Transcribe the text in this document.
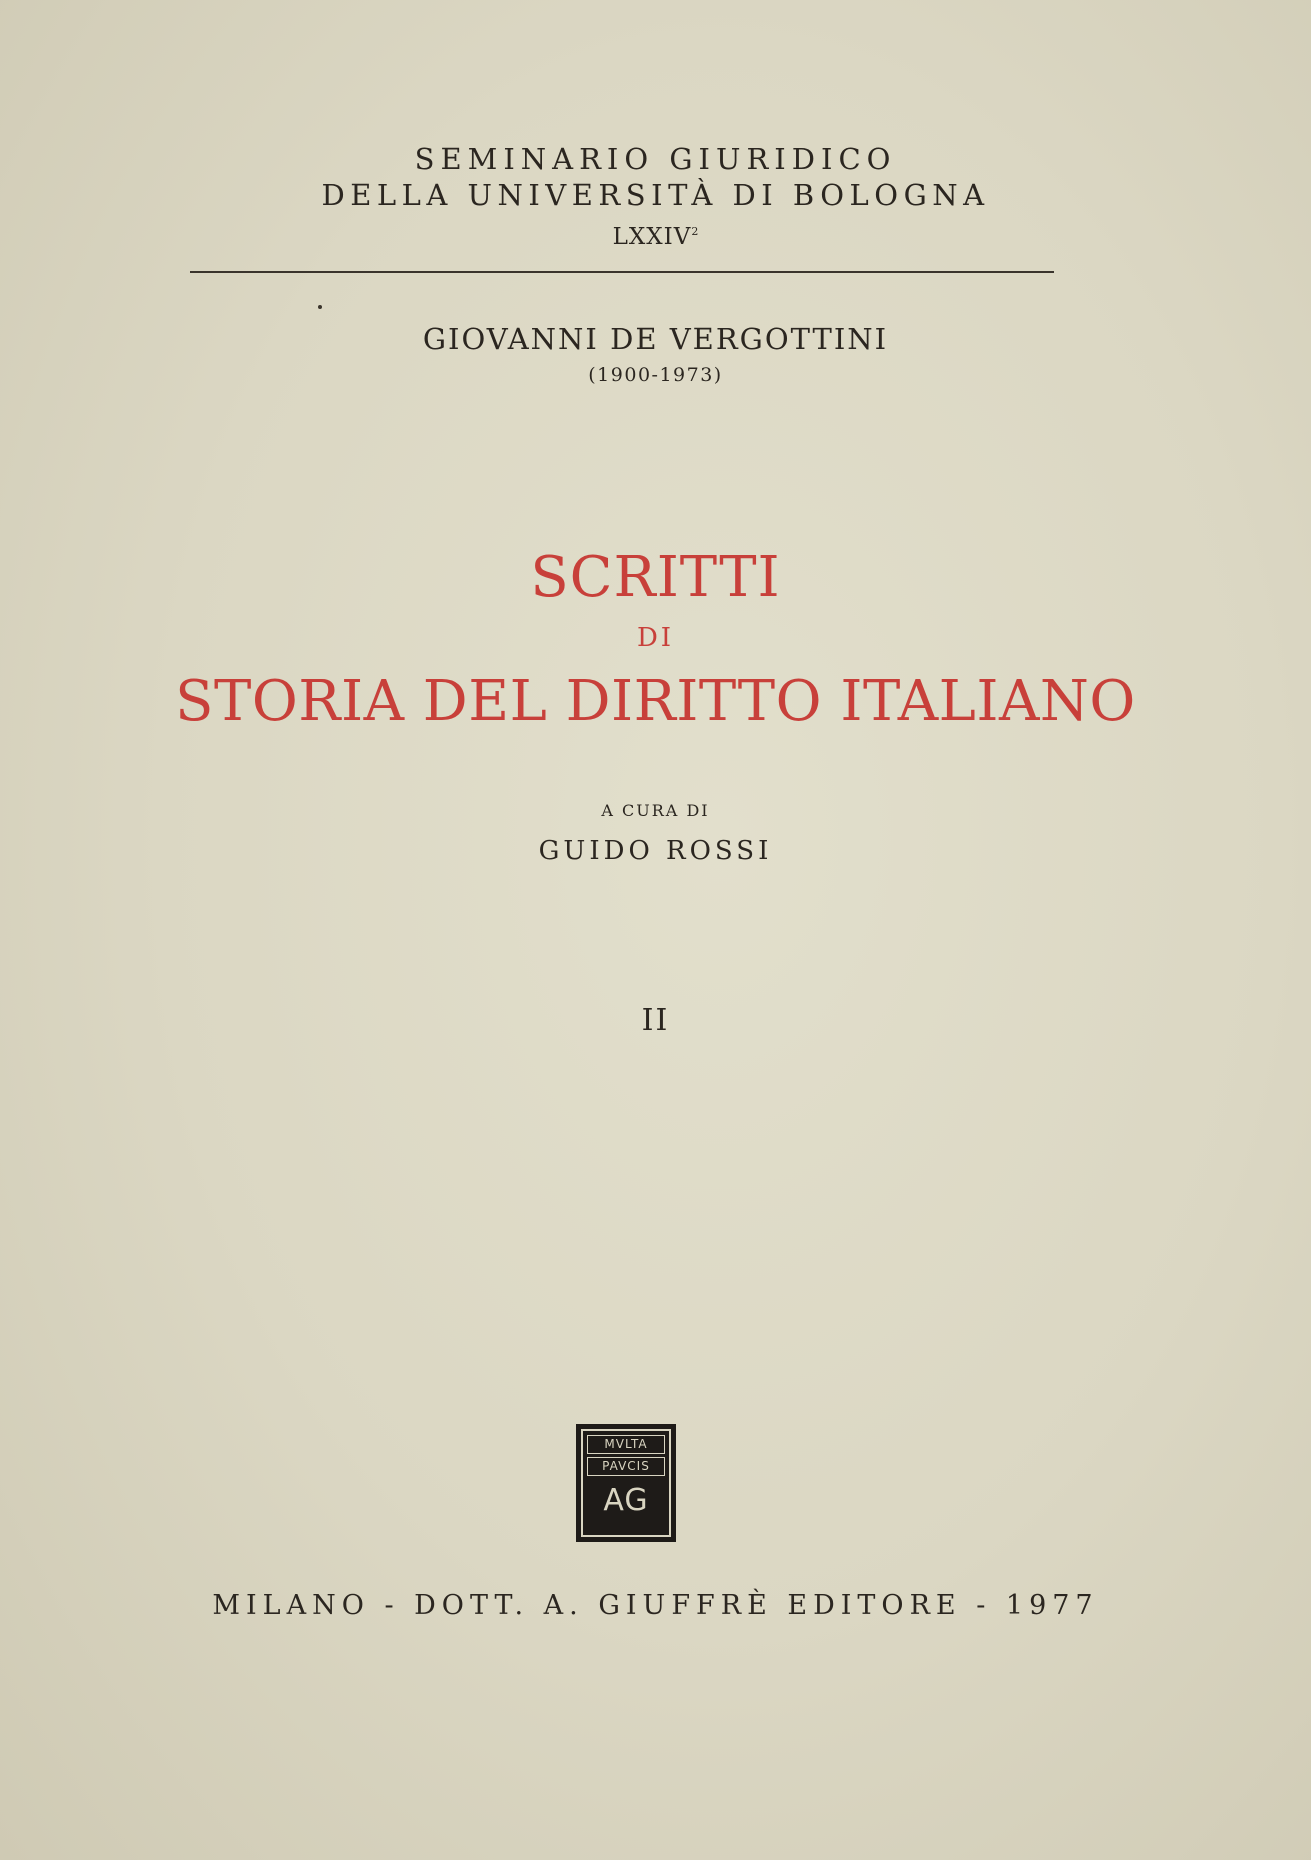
SEMINARIO GIURIDICO
DELLA UNIVERSITÀ DI BOLOGNA
LXXIV$^2$
GIOVANNI DE VERGOTTINI
(1900-1973)
SCRITTI
DI
STORIA DEL DIRITTO ITALIANO
A CURA DI
GUIDO ROSSI
II
MVLTA
PAVCIS
AG
MILANO - DOTT. A. GIUFFRÈ EDITORE - 1977
